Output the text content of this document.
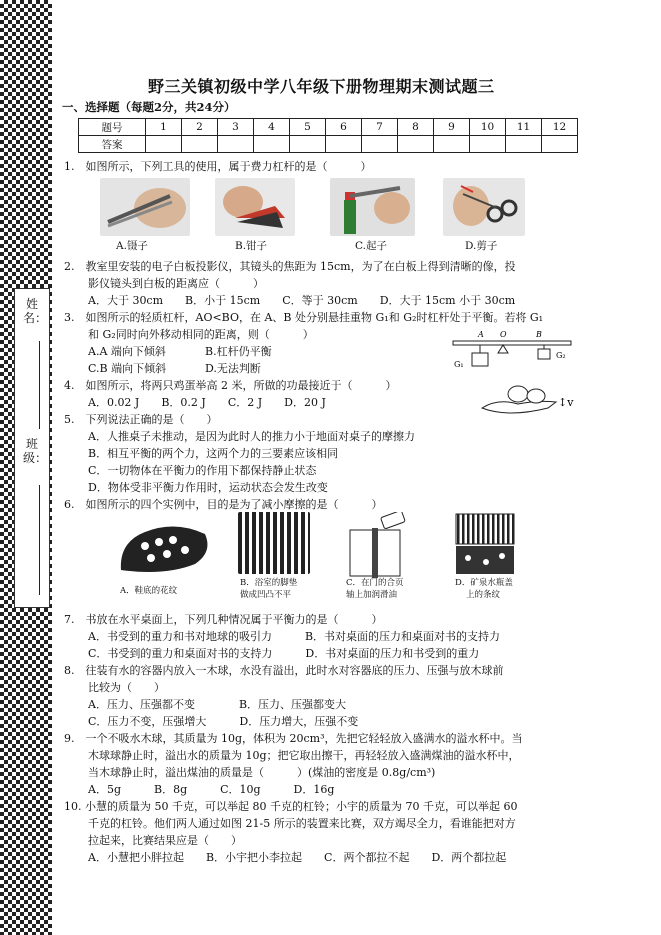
姓名：
班级：
野三关镇初级中学八年级下册物理期末测试题三
一、选择题（每题2分，共24分）
题号	1	2	3	4	5	6	7	8	9	10	11	12
答案												
1.　如图所示，下列工具的使用，属于费力杠杆的是（　　　）
A.镊子	B.钳子	C.起子	D.剪子
2.　教室里安装的电子白板投影仪，其镜头的焦距为 15cm，为了在白板上得到清晰的像，投
影仪镜头到白板的距离应（　　　）
A．大于 30cm　　B．小于 15cm　　C．等于 30cm　　D．大于 15cm 小于 30cm
3.　如图所示的轻质杠杆，AO<BO，在 A、B 处分别悬挂重物 G₁和 G₂时杠杆处于平衡。若将 G₁
和 G₂同时向外移动相同的距离，则（　　　）
A.A 端向下倾斜	B.杠杆仍平衡
C.B 端向下倾斜	D.无法判断
A O	B
G₁
G₂
4.　如图所示，将两只鸡蛋举高 2 米，所做的功最接近于（　　　）
A．0.02 J　　B．0.2 J　　C．2 J　　D．20 J	↕v
5.　下列说法正确的是（　　）
A．人推桌子未推动，是因为此时人的推力小于地面对桌子的摩擦力
B．相互平衡的两个力，这两个力的三要素应该相同
C．一切物体在平衡力的作用下都保持静止状态
D．物体受非平衡力作用时，运动状态会发生改变
6.　如图所示的四个实例中，目的是为了减小摩擦的是（　　　）
A．鞋底的花纹
B．浴室的脚垫
做成凹凸不平
C．在门的合页
轴上加润滑油
D．矿泉水瓶盖
上的条纹
7.　书放在水平桌面上，下列几种情况属于平衡力的是（　　　）
A．书受到的重力和书对地球的吸引力　　　B．书对桌面的压力和桌面对书的支持力
C．书受到的重力和桌面对书的支持力　　　D．书对桌面的压力和书受到的重力
8.　往装有水的容器内放入一木球，水没有溢出，此时水对容器底的压力、压强与放木球前
比较为（　　）
A．压力、压强都不变　　　　B．压力、压强都变大
C．压力不变，压强增大　　　D．压力增大，压强不变
9.　一个不吸水木球，其质量为 10g，体积为 20cm³，先把它轻轻放入盛满水的溢水杯中。当
木球球静止时，溢出水的质量为 10g；把它取出擦干，再轻轻放入盛满煤油的溢水杯中，
当木球静止时，溢出煤油的质量是（　　　）(煤油的密度是 0.8g/cm³)
A．5g　　　B．8g　　　C．10g　　　D．16g
10. 小慧的质量为 50 千克，可以举起 80 千克的杠铃；小宇的质量为 70 千克，可以举起 60
千克的杠铃。他们两人通过如图 21-5 所示的装置来比赛，双方竭尽全力，看谁能把对方
拉起来，比赛结果应是（　　）
A．小慧把小胖拉起　　B．小宇把小李拉起　　C．两个都拉不起　　D．两个都拉起
